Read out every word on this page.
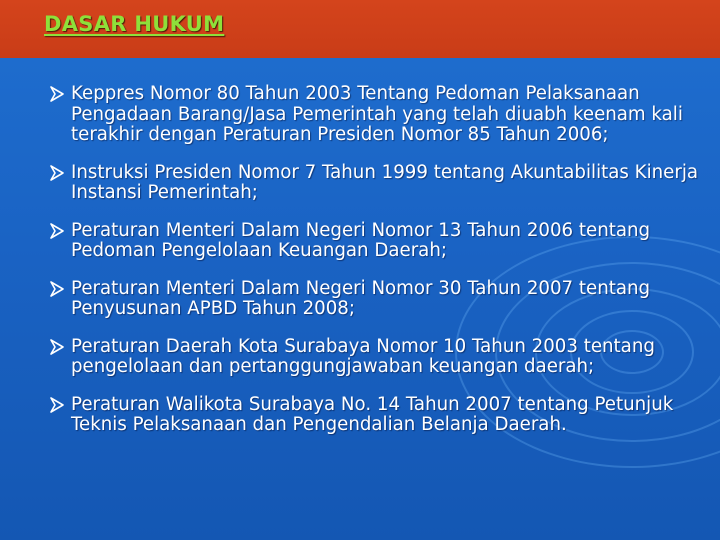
DASAR HUKUM
Keppres Nomor 80 Tahun 2003 Tentang Pedoman Pelaksanaan Pengadaan Barang/Jasa Pemerintah yang telah diuabh keenam kali terakhir dengan Peraturan Presiden Nomor 85 Tahun 2006;
Instruksi Presiden Nomor 7 Tahun 1999 tentang Akuntabilitas Kinerja Instansi Pemerintah;
Peraturan Menteri Dalam Negeri Nomor 13 Tahun 2006 tentang Pedoman Pengelolaan Keuangan Daerah;
Peraturan Menteri Dalam Negeri Nomor 30 Tahun 2007 tentang Penyusunan APBD Tahun 2008;
Peraturan Daerah Kota Surabaya Nomor 10 Tahun 2003 tentang pengelolaan dan pertanggungjawaban keuangan daerah;
Peraturan Walikota Surabaya No. 14 Tahun 2007 tentang Petunjuk Teknis Pelaksanaan dan Pengendalian Belanja Daerah.
